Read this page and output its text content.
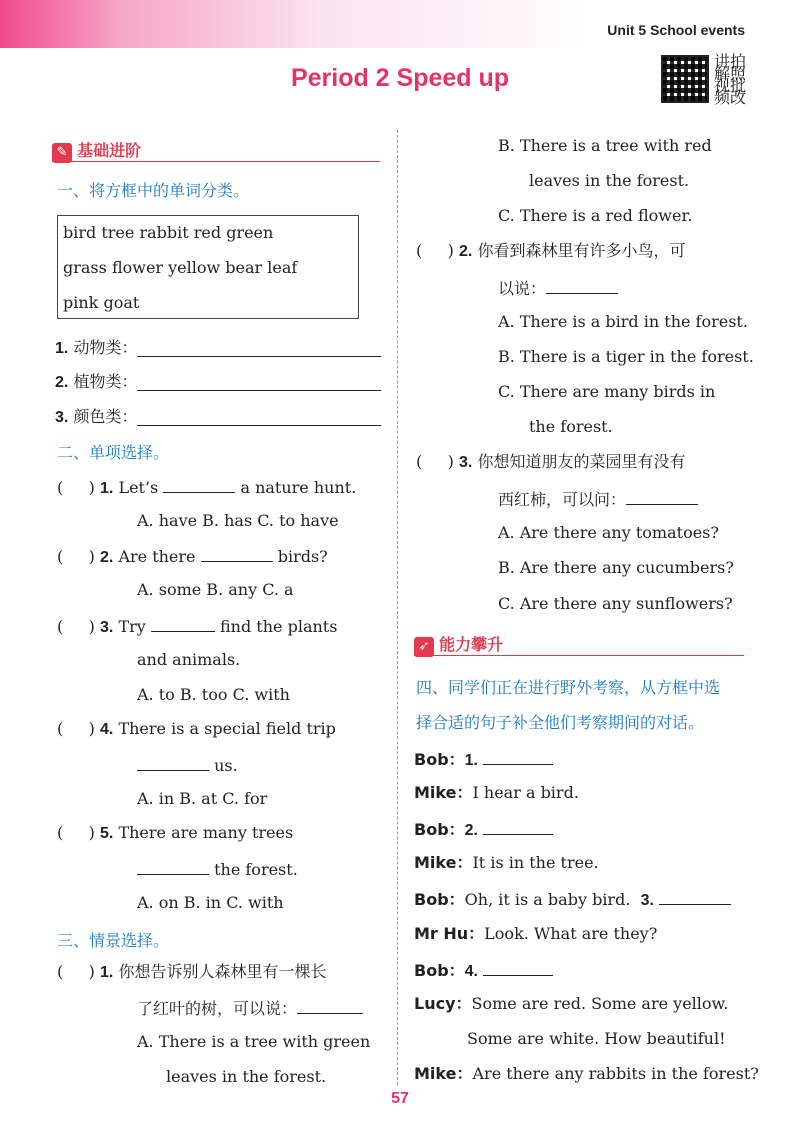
Unit 5 School events
Period 2 Speed up
讲拍解照视批频改
✎ 基础进阶
一、将方框中的单词分类。
bird tree rabbit red green
grass flower yellow bear leaf
pink goat
1. 动物类：
2. 植物类：
3. 颜色类：
二、单项选择。
(     ) 1. Let’s	a nature hunt.
A. have B. has C. to have
(     ) 2. Are there	birds?
A. some B. any C. a
(     ) 3. Try	find the plants
and animals.
A. to B. too C. with
(     ) 4. There is a special field trip
us.
A. in B. at C. for
(     ) 5. There are many trees
the forest.
A. on B. in C. with
三、情景选择。
(     ) 1. 你想告诉别人森林里有一棵长
了红叶的树，可以说：
A. There is a tree with green
leaves in the forest.
B. There is a tree with red
leaves in the forest.
C. There is a red flower.
(     ) 2. 你看到森林里有许多小鸟，可
以说：
A. There is a bird in the forest.
B. There is a tiger in the forest.
C. There are many birds in
the forest.
(     ) 3. 你想知道朋友的菜园里有没有
西红柿，可以问：
A. Are there any tomatoes?
B. Are there any cucumbers?
C. Are there any sunflowers?
➶ 能力攀升
四、同学们正在进行野外考察，从方框中选
择合适的句子补全他们考察期间的对话。
Bob：1.
Mike：I hear a bird.
Bob：2.
Mike：It is in the tree.
Bob：Oh, it is a baby bird. 3.
Mr Hu：Look. What are they?
Bob：4.
Lucy：Some are red. Some are yellow.
Some are white. How beautiful!
Mike：Are there any rabbits in the forest?
57
